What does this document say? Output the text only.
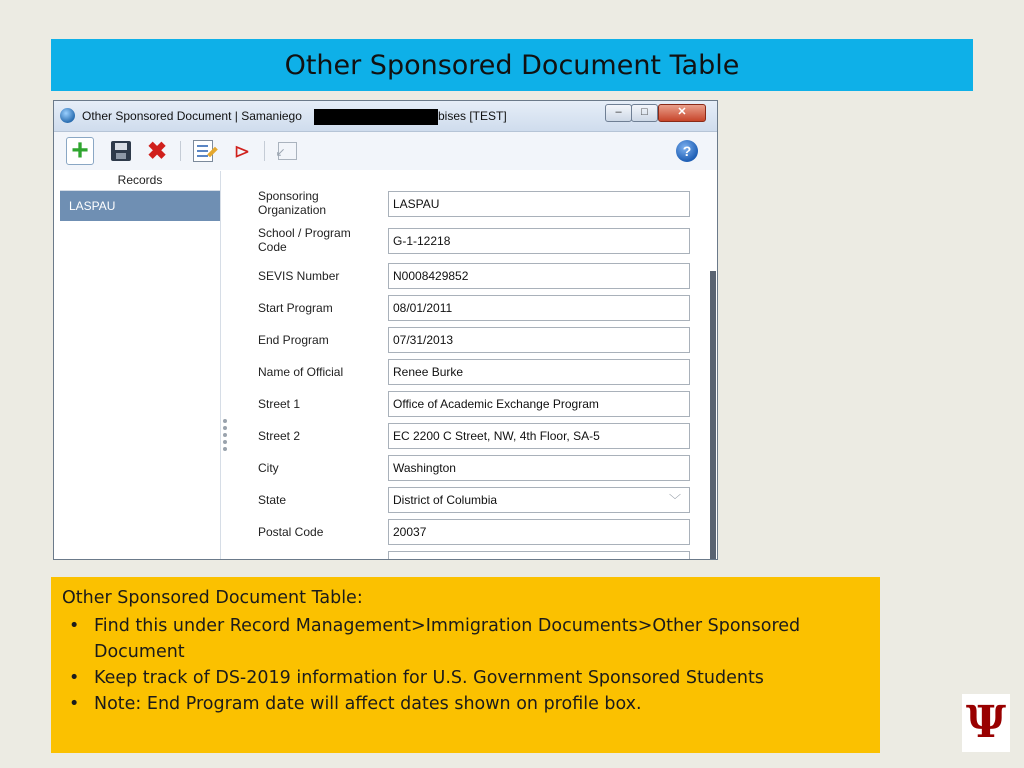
Other Sponsored Document Table
Other Sponsored Document | Samaniego	bises [TEST]	–	□	✕
+ ✖	⊳
↙	?
Records
LASPAU
Sponsoring Organization	LASPAU
School / Program Code	G-1-12218
SEVIS Number	N0008429852
Start Program	08/01/2011
End Program	07/31/2013
Name of Official	Renee Burke
Street 1	Office of Academic Exchange Program
Street 2	EC 2200 C Street, NW, 4th Floor, SA-5
City	Washington
State	District of Columbia	﹀
Postal Code	20037
Other Sponsored Document Table:
• Find this under Record Management>Immigration Documents>Other Sponsored Document
• Keep track of DS-2019 information for U.S. Government Sponsored Students
• Note: End Program date will affect dates shown on profile box.	Ψ
